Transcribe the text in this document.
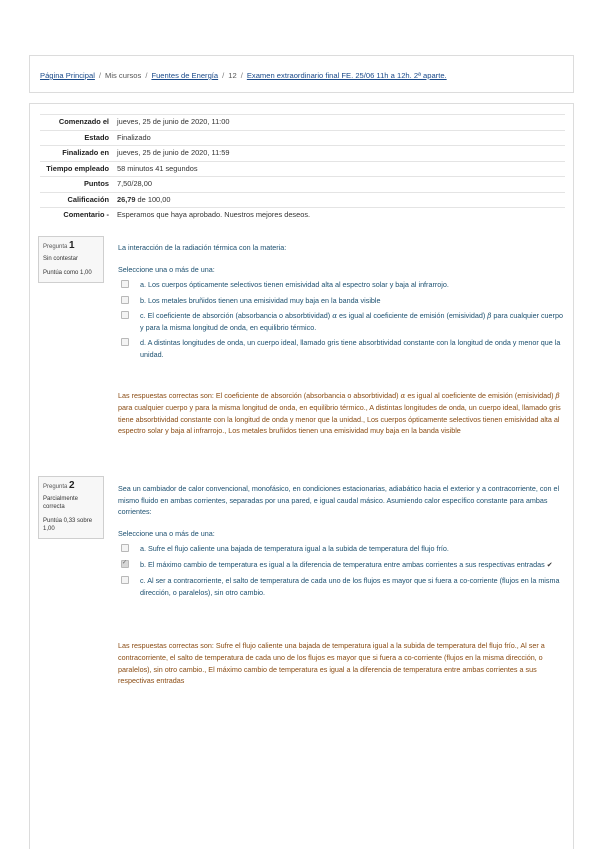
Página Principal / Mis cursos / Fuentes de Energía / 12 / Examen extraordinario final FE. 25/06 11h a 12h. 2ª aparte.
Comenzado el	jueves, 25 de junio de 2020, 11:00
Estado	Finalizado
Finalizado en	jueves, 25 de junio de 2020, 11:59
Tiempo empleado	58 minutos 41 segundos
Puntos	7,50/28,00
Calificación	26,79 de 100,00
Comentario -	Esperamos que haya aprobado. Nuestros mejores deseos.
Pregunta 1
Sin contestar
Puntúa como 1,00
La interacción de la radiación térmica con la materia:
Seleccione una o más de una:
a. Los cuerpos ópticamente selectivos tienen emisividad alta al espectro solar y baja al infrarrojo.
b. Los metales bruñidos tienen una emisividad muy baja en la banda visible
c. El coeficiente de absorción (absorbancia o absorbtividad) α es igual al coeficiente de emisión (emisividad) β para cualquier cuerpo y para la misma longitud de onda, en equilibrio térmico.
d. A distintas longitudes de onda, un cuerpo ideal, llamado gris tiene absorbtividad constante con la longitud de onda y menor que la unidad.
Las respuestas correctas son: El coeficiente de absorción (absorbancia o absorbtividad) α es igual al coeficiente de emisión (emisividad) β para cualquier cuerpo y para la misma longitud de onda, en equilibrio térmico., A distintas longitudes de onda, un cuerpo ideal, llamado gris tiene absorbtividad constante con la longitud de onda y menor que la unidad., Los cuerpos ópticamente selectivos tienen emisividad alta al espectro solar y baja al infrarrojo., Los metales bruñidos tienen una emisividad muy baja en la banda visible
Pregunta 2
Parcialmente correcta
Puntúa 0,33 sobre 1,00
Sea un cambiador de calor convencional, monofásico, en condiciones estacionarias, adiabático hacia el exterior y a contracorriente, con el mismo fluido en ambas corrientes, separadas por una pared, e igual caudal másico. Asumiendo calor específico constante para ambas corrientes:
Seleccione una o más de una:
a. Sufre el flujo caliente una bajada de temperatura igual a la subida de temperatura del flujo frío.
✓
b. El máximo cambio de temperatura es igual a la diferencia de temperatura entre ambas corrientes a sus respectivas entradas ✔
c. Al ser a contracorriente, el salto de temperatura de cada uno de los flujos es mayor que si fuera a co-corriente (flujos en la misma dirección, o paralelos), sin otro cambio.
Las respuestas correctas son: Sufre el flujo caliente una bajada de temperatura igual a la subida de temperatura del flujo frío., Al ser a contracorriente, el salto de temperatura de cada uno de los flujos es mayor que si fuera a co-corriente (flujos en la misma dirección, o paralelos), sin otro cambio., El máximo cambio de temperatura es igual a la diferencia de temperatura entre ambas corrientes a sus respectivas entradas
